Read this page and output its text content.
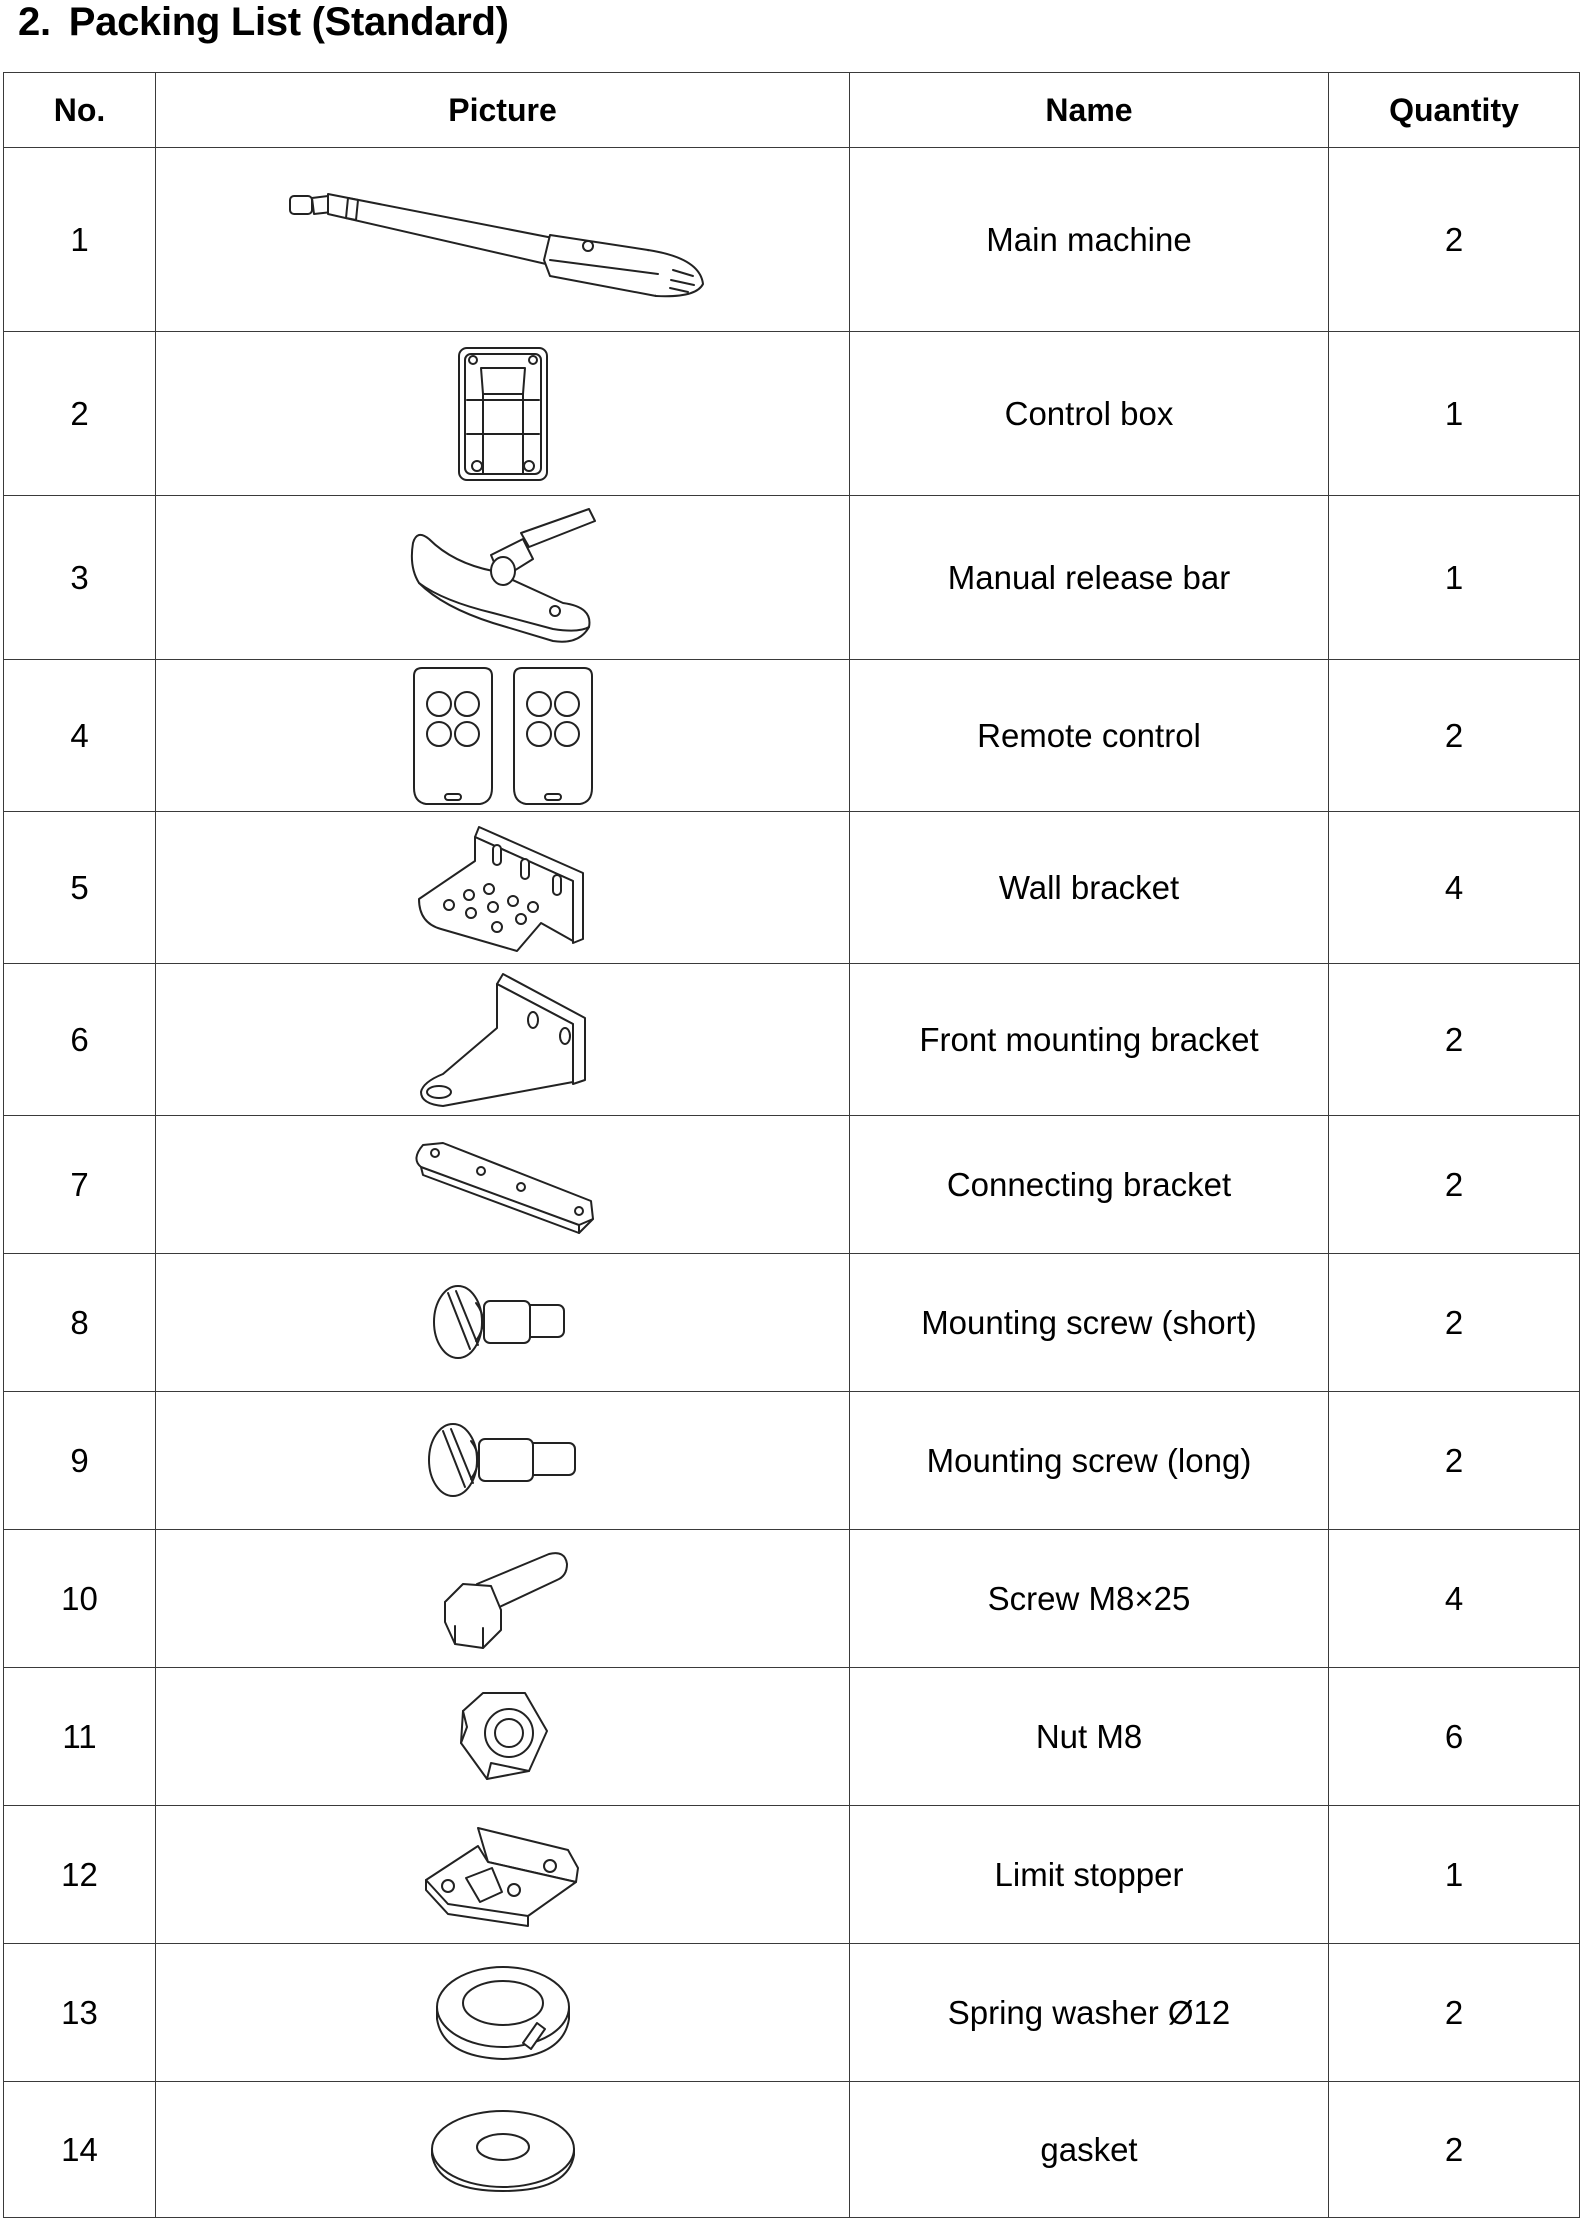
2. Packing List (Standard)
No.	Picture	Name	Quantity
1		Main machine	2
2		Control box	1
3		Manual release bar	1
4		Remote control	2
5		Wall bracket	4
6		Front mounting bracket	2
7		Connecting bracket	2
8		Mounting screw (short)	2
9		Mounting screw (long)	2
10		Screw M8×25	4
11		Nut M8	6
12		Limit stopper	1
13		Spring washer Ø12	2
14		gasket	2
